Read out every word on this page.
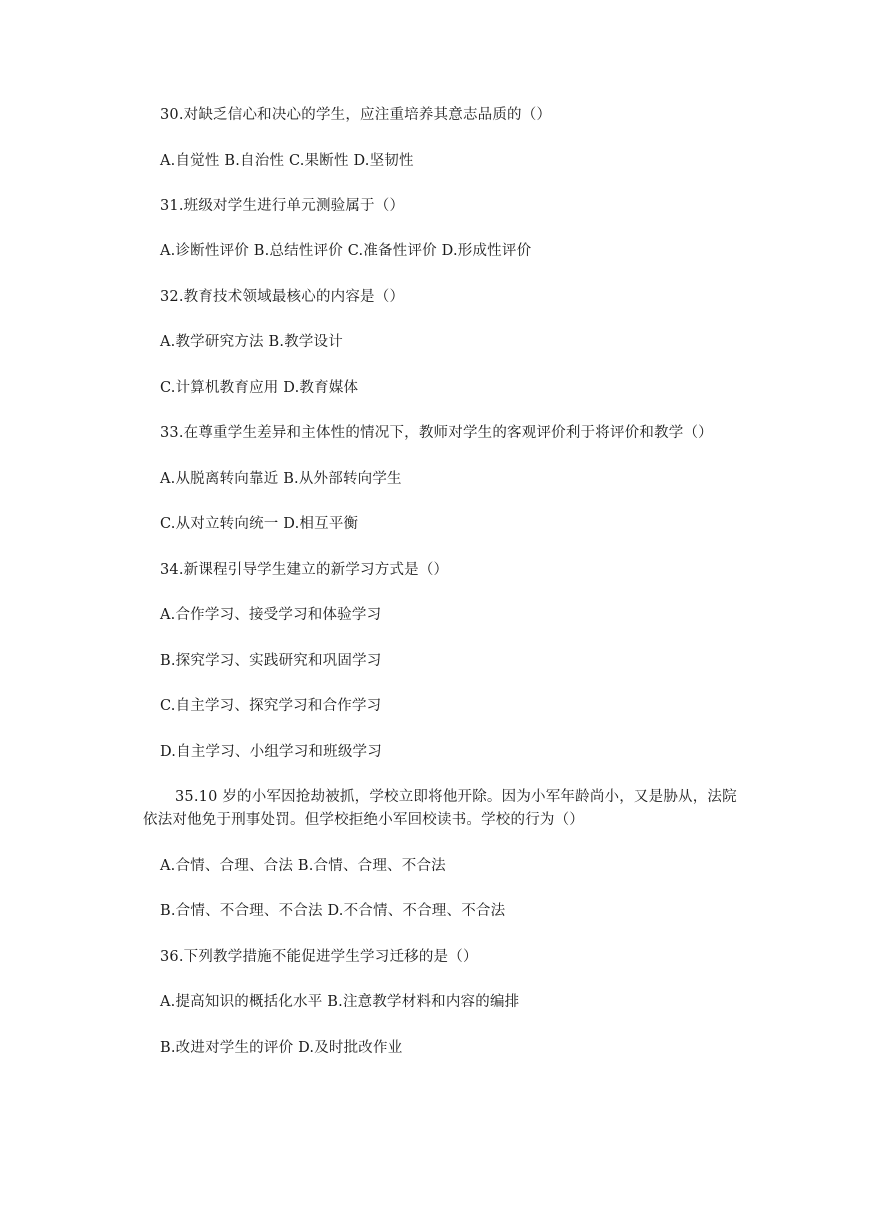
30.对缺乏信心和决心的学生，应注重培养其意志品质的（）
A.自觉性 B.自治性 C.果断性 D.坚韧性
31.班级对学生进行单元测验属于（）
A.诊断性评价 B.总结性评价 C.准备性评价 D.形成性评价
32.教育技术领域最核心的内容是（）
A.教学研究方法 B.教学设计
C.计算机教育应用 D.教育媒体
33.在尊重学生差异和主体性的情况下，教师对学生的客观评价利于将评价和教学（）
A.从脱离转向靠近 B.从外部转向学生
C.从对立转向统一 D.相互平衡
34.新课程引导学生建立的新学习方式是（）
A.合作学习、接受学习和体验学习
B.探究学习、实践研究和巩固学习
C.自主学习、探究学习和合作学习
D.自主学习、小组学习和班级学习
35.10 岁的小军因抢劫被抓，学校立即将他开除。因为小军年龄尚小，又是胁从，法院
依法对他免于刑事处罚。但学校拒绝小军回校读书。学校的行为（）
A.合情、合理、合法 B.合情、合理、不合法
B.合情、不合理、不合法 D.不合情、不合理、不合法
36.下列教学措施不能促进学生学习迁移的是（）
A.提高知识的概括化水平 B.注意教学材料和内容的编排
B.改进对学生的评价 D.及时批改作业
